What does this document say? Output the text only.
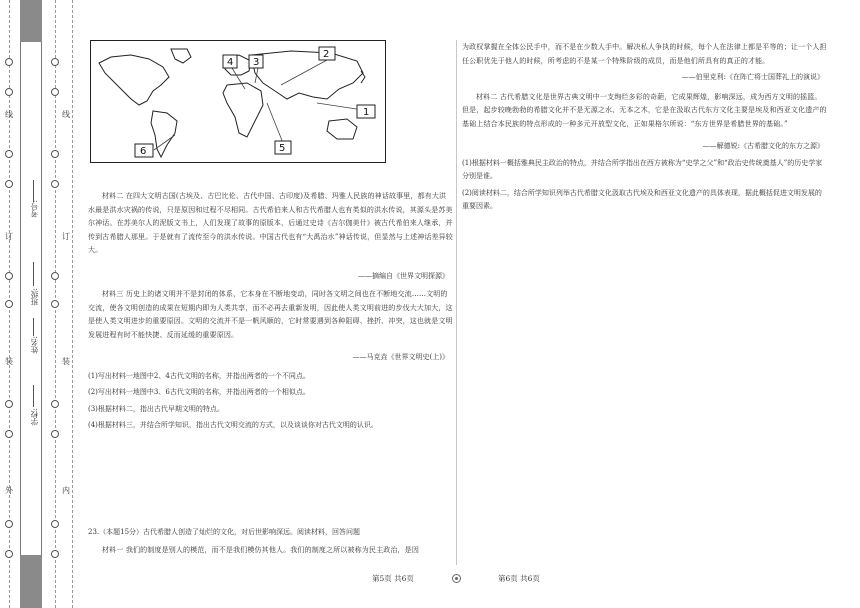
线
订
装
外
线
订
装
内
考号:
班级:
姓名:
学校:
4 3
2
1
5
6

材料二 在四大文明古国(古埃及、古巴比伦、古代中国、古印度)及希腊、玛雅人民族的神话故事里，都有大洪水最是洪水灾祸的传说，只是原因和过程不尽相同。古代希伯来人和古代希腊人也有类似的洪水传说，其源头是苏美尔神话。在苏美尔人的泥版文书上，人们发现了故事的原版本，后通过史诗《吉尔伽美什》被古代希伯来人继承，并传到古希腊人那里。于是就有了流传至今的洪水传说。中国古代也有“大禹治水”神话传说，但显然与上述神话差异较大。

——摘编自《世界文明探源》

材料三 历史上的诸文明并不是封闭的体系，它本身在不断地变动，同时各文明之间也在不断地交流……文明的交流，使各文明创造的成果在短期内即为人类共享，而不必再去重新发明，因此使人类文明前进的步伐大大加大，这是使人类文明进步的重要原因。文明的交流并不是一帆风顺的，它时常要遇到各种阻碍、挫折、冲突，这也就是文明发展进程有时不能快捷、反而延缓的重要原因。

——马克垚《世界文明史(上)》

(1)写出材料一地图中2、4古代文明的名称，并指出两者的一个不同点。

(2)写出材料一地图中3、6古代文明的名称，并指出两者的一个相似点。

(3)根据材料二，指出古代早期文明的特点。

(4)根据材料三，并结合所学知识，指出古代文明交流的方式，以及谈谈你对古代文明的认识。

23.（本题15分）古代希腊人创造了灿烂的文化，对后世影响深远。阅读材料，回答问题

材料一 我们的制度是别人的模范，而不是我们模仿其他人。我们的制度之所以被称为民主政治，是因

为政权掌握在全体公民手中，而不是在少数人手中。解决私人争执的时候，每个人在法律上都是平等的；让一个人担任公职优先于他人的时候，所考虑的不是某一个特殊阶级的成员，而是他们所具有的真正的才能。

——伯里克利:《在阵亡将士国葬礼上的演说》

材料二 古代希腊文化是世界古典文明中一支绚烂多彩的奇葩，它成果辉煌，影响深远，成为西方文明的摇篮。但是，起步较晚勃勃的希腊文化并不是无源之水、无本之木，它是在汲取古代东方文化主要是埃及和西亚文化遗产的基础上结合本民族的特点形成的一种多元开放型文化，正如果格尔所说：“东方世界是希腊世界的基础。”

——解德锐:《古希腊文化的东方之源》

(1)根据材料一概括雅典民主政治的特点，并结合所学指出在西方被称为“史学之父”和“政治史传统奠基人”的历史学家分别是谁。

(2)阅读材料二，结合所学知识列举古代希腊文化汲取古代埃及和西亚文化遗产的具体表现，据此概括促进文明发展的重要因素。

第5页 共6页	第6页 共6页
